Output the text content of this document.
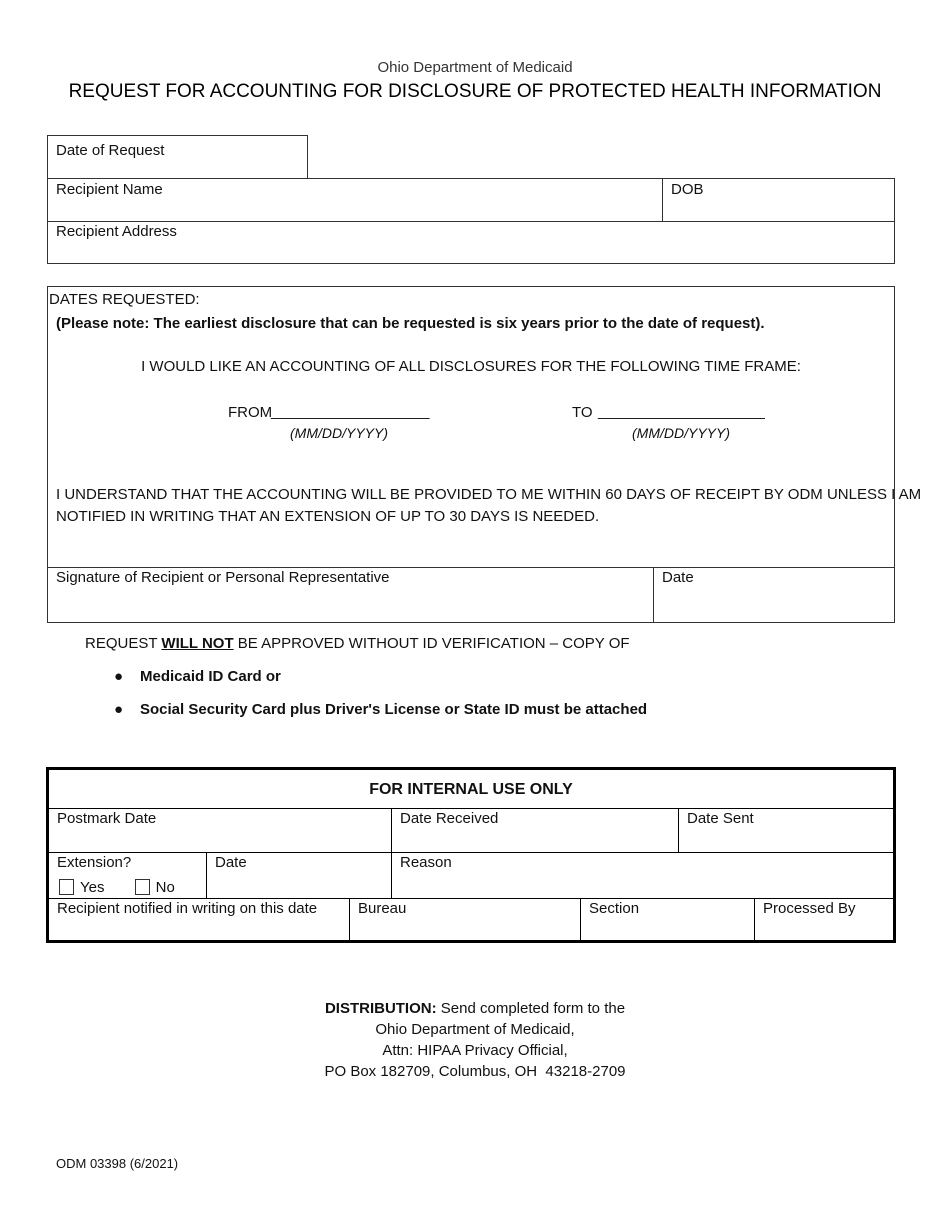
Ohio Department of Medicaid
REQUEST FOR ACCOUNTING FOR DISCLOSURE OF PROTECTED HEALTH INFORMATION
Date of Request
Recipient Name	DOB
Recipient Address
DATES REQUESTED:
(Please note: The earliest disclosure that can be requested is six years prior to the date of request).
I WOULD LIKE AN ACCOUNTING OF ALL DISCLOSURES FOR THE FOLLOWING TIME FRAME:
FROM
___________________
(MM/DD/YYYY)
TO ____________________
(MM/DD/YYYY)
I UNDERSTAND THAT THE ACCOUNTING WILL BE PROVIDED TO ME WITHIN 60 DAYS OF RECEIPT BY ODM UNLESS I AM
NOTIFIED IN WRITING THAT AN EXTENSION OF UP TO 30 DAYS IS NEEDED.
Signature of Recipient or Personal Representative	Date
REQUEST WILL NOT BE APPROVED WITHOUT ID VERIFICATION – COPY OF
● Medicaid ID Card or
● Social Security Card plus Driver's License or State ID must be attached
FOR INTERNAL USE ONLY
Postmark Date	Date Received	Date Sent
Extension?
Yes	No
Date	Reason
Recipient notified in writing on this date	Bureau	Section	Processed By
DISTRIBUTION: Send completed form to the
Ohio Department of Medicaid,
Attn: HIPAA Privacy Official,
PO Box 182709, Columbus, OH  43218-2709
ODM 03398 (6/2021)
